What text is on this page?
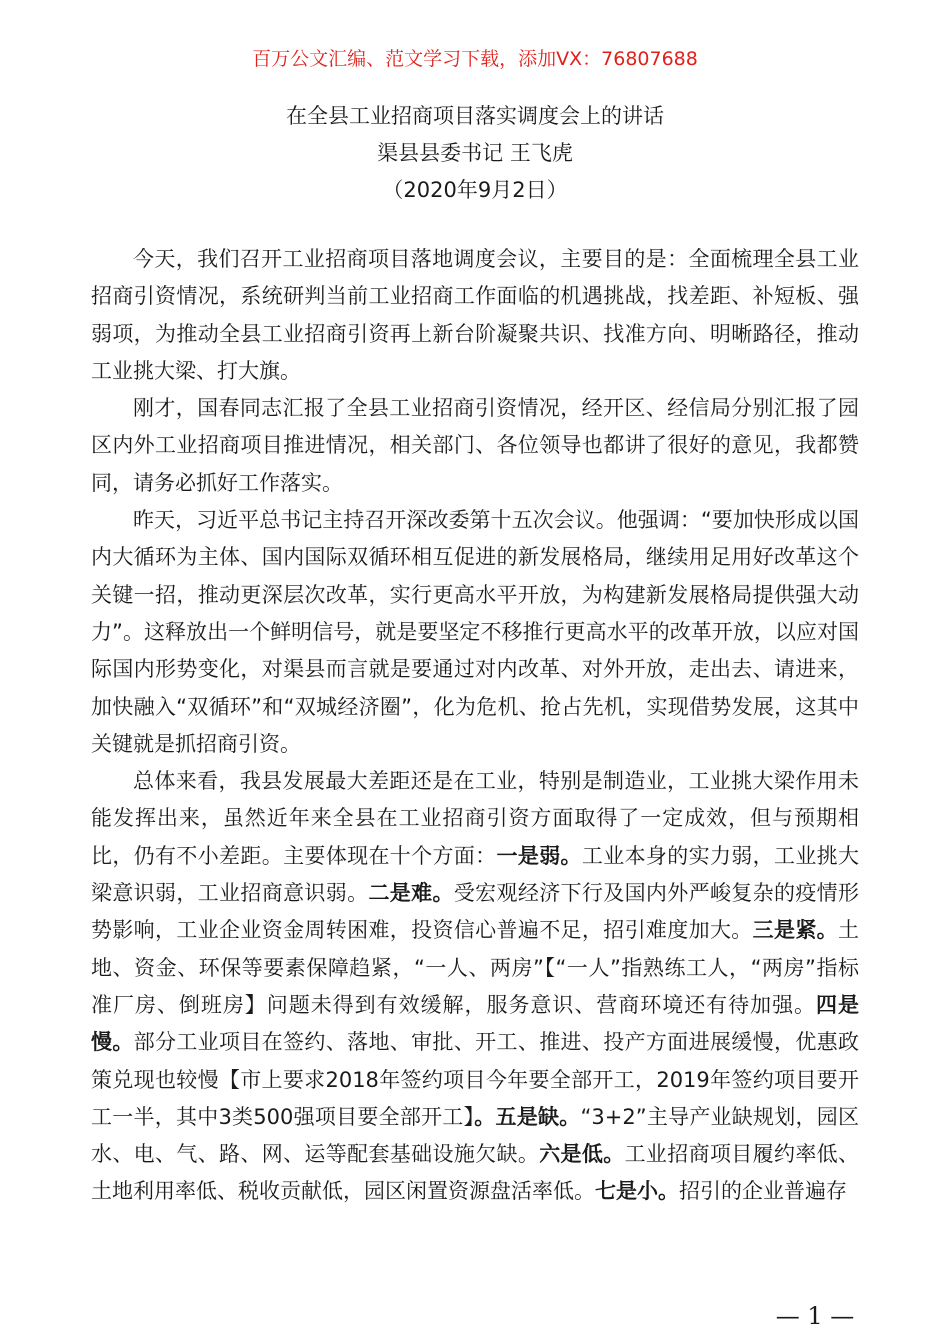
百万公文汇编、范文学习下载，添加VX：76807688

在全县工业招商项目落实调度会上的讲话

渠县县委书记 王飞虎

（2020年9月2日）

今天，我们召开工业招商项目落地调度会议，主要目的是：全面梳理全县工业招商引资情况，系统研判当前工业招商工作面临的机遇挑战，找差距、补短板、强弱项，为推动全县工业招商引资再上新台阶凝聚共识、找准方向、明晰路径，推动工业挑大梁、打大旗。

刚才，国春同志汇报了全县工业招商引资情况，经开区、经信局分别汇报了园区内外工业招商项目推进情况，相关部门、各位领导也都讲了很好的意见，我都赞同，请务必抓好工作落实。

昨天，习近平总书记主持召开深改委第十五次会议。他强调：“要加快形成以国内大循环为主体、国内国际双循环相互促进的新发展格局，继续用足用好改革这个关键一招，推动更深层次改革，实行更高水平开放，为构建新发展格局提供强大动力”。这释放出一个鲜明信号，就是要坚定不移推行更高水平的改革开放，以应对国际国内形势变化，对渠县而言就是要通过对内改革、对外开放，走出去、请进来，加快融入“双循环”和“双城经济圈”，化为危机、抢占先机，实现借势发展，这其中关键就是抓招商引资。

总体来看，我县发展最大差距还是在工业，特别是制造业，工业挑大梁作用未能发挥出来，虽然近年来全县在工业招商引资方面取得了一定成效，但与预期相比，仍有不小差距。主要体现在十个方面：一是弱。工业本身的实力弱，工业挑大梁意识弱，工业招商意识弱。二是难。受宏观经济下行及国内外严峻复杂的疫情形势影响，工业企业资金周转困难，投资信心普遍不足，招引难度加大。三是紧。土地、资金、环保等要素保障趋紧，“一人、两房”【“一人”指熟练工人，“两房”指标准厂房、倒班房】问题未得到有效缓解，服务意识、营商环境还有待加强。四是慢。部分工业项目在签约、落地、审批、开工、推进、投产方面进展缓慢，优惠政策兑现也较慢【市上要求2018年签约项目今年要全部开工，2019年签约项目要开工一半，其中3类500强项目要全部开工】。五是缺。“3+2”主导产业缺规划，园区水、电、气、路、网、运等配套基础设施欠缺。六是低。工业招商项目履约率低、土地利用率低、税收贡献低，园区闲置资源盘活率低。七是小。招引的企业普遍存

— 1 —
